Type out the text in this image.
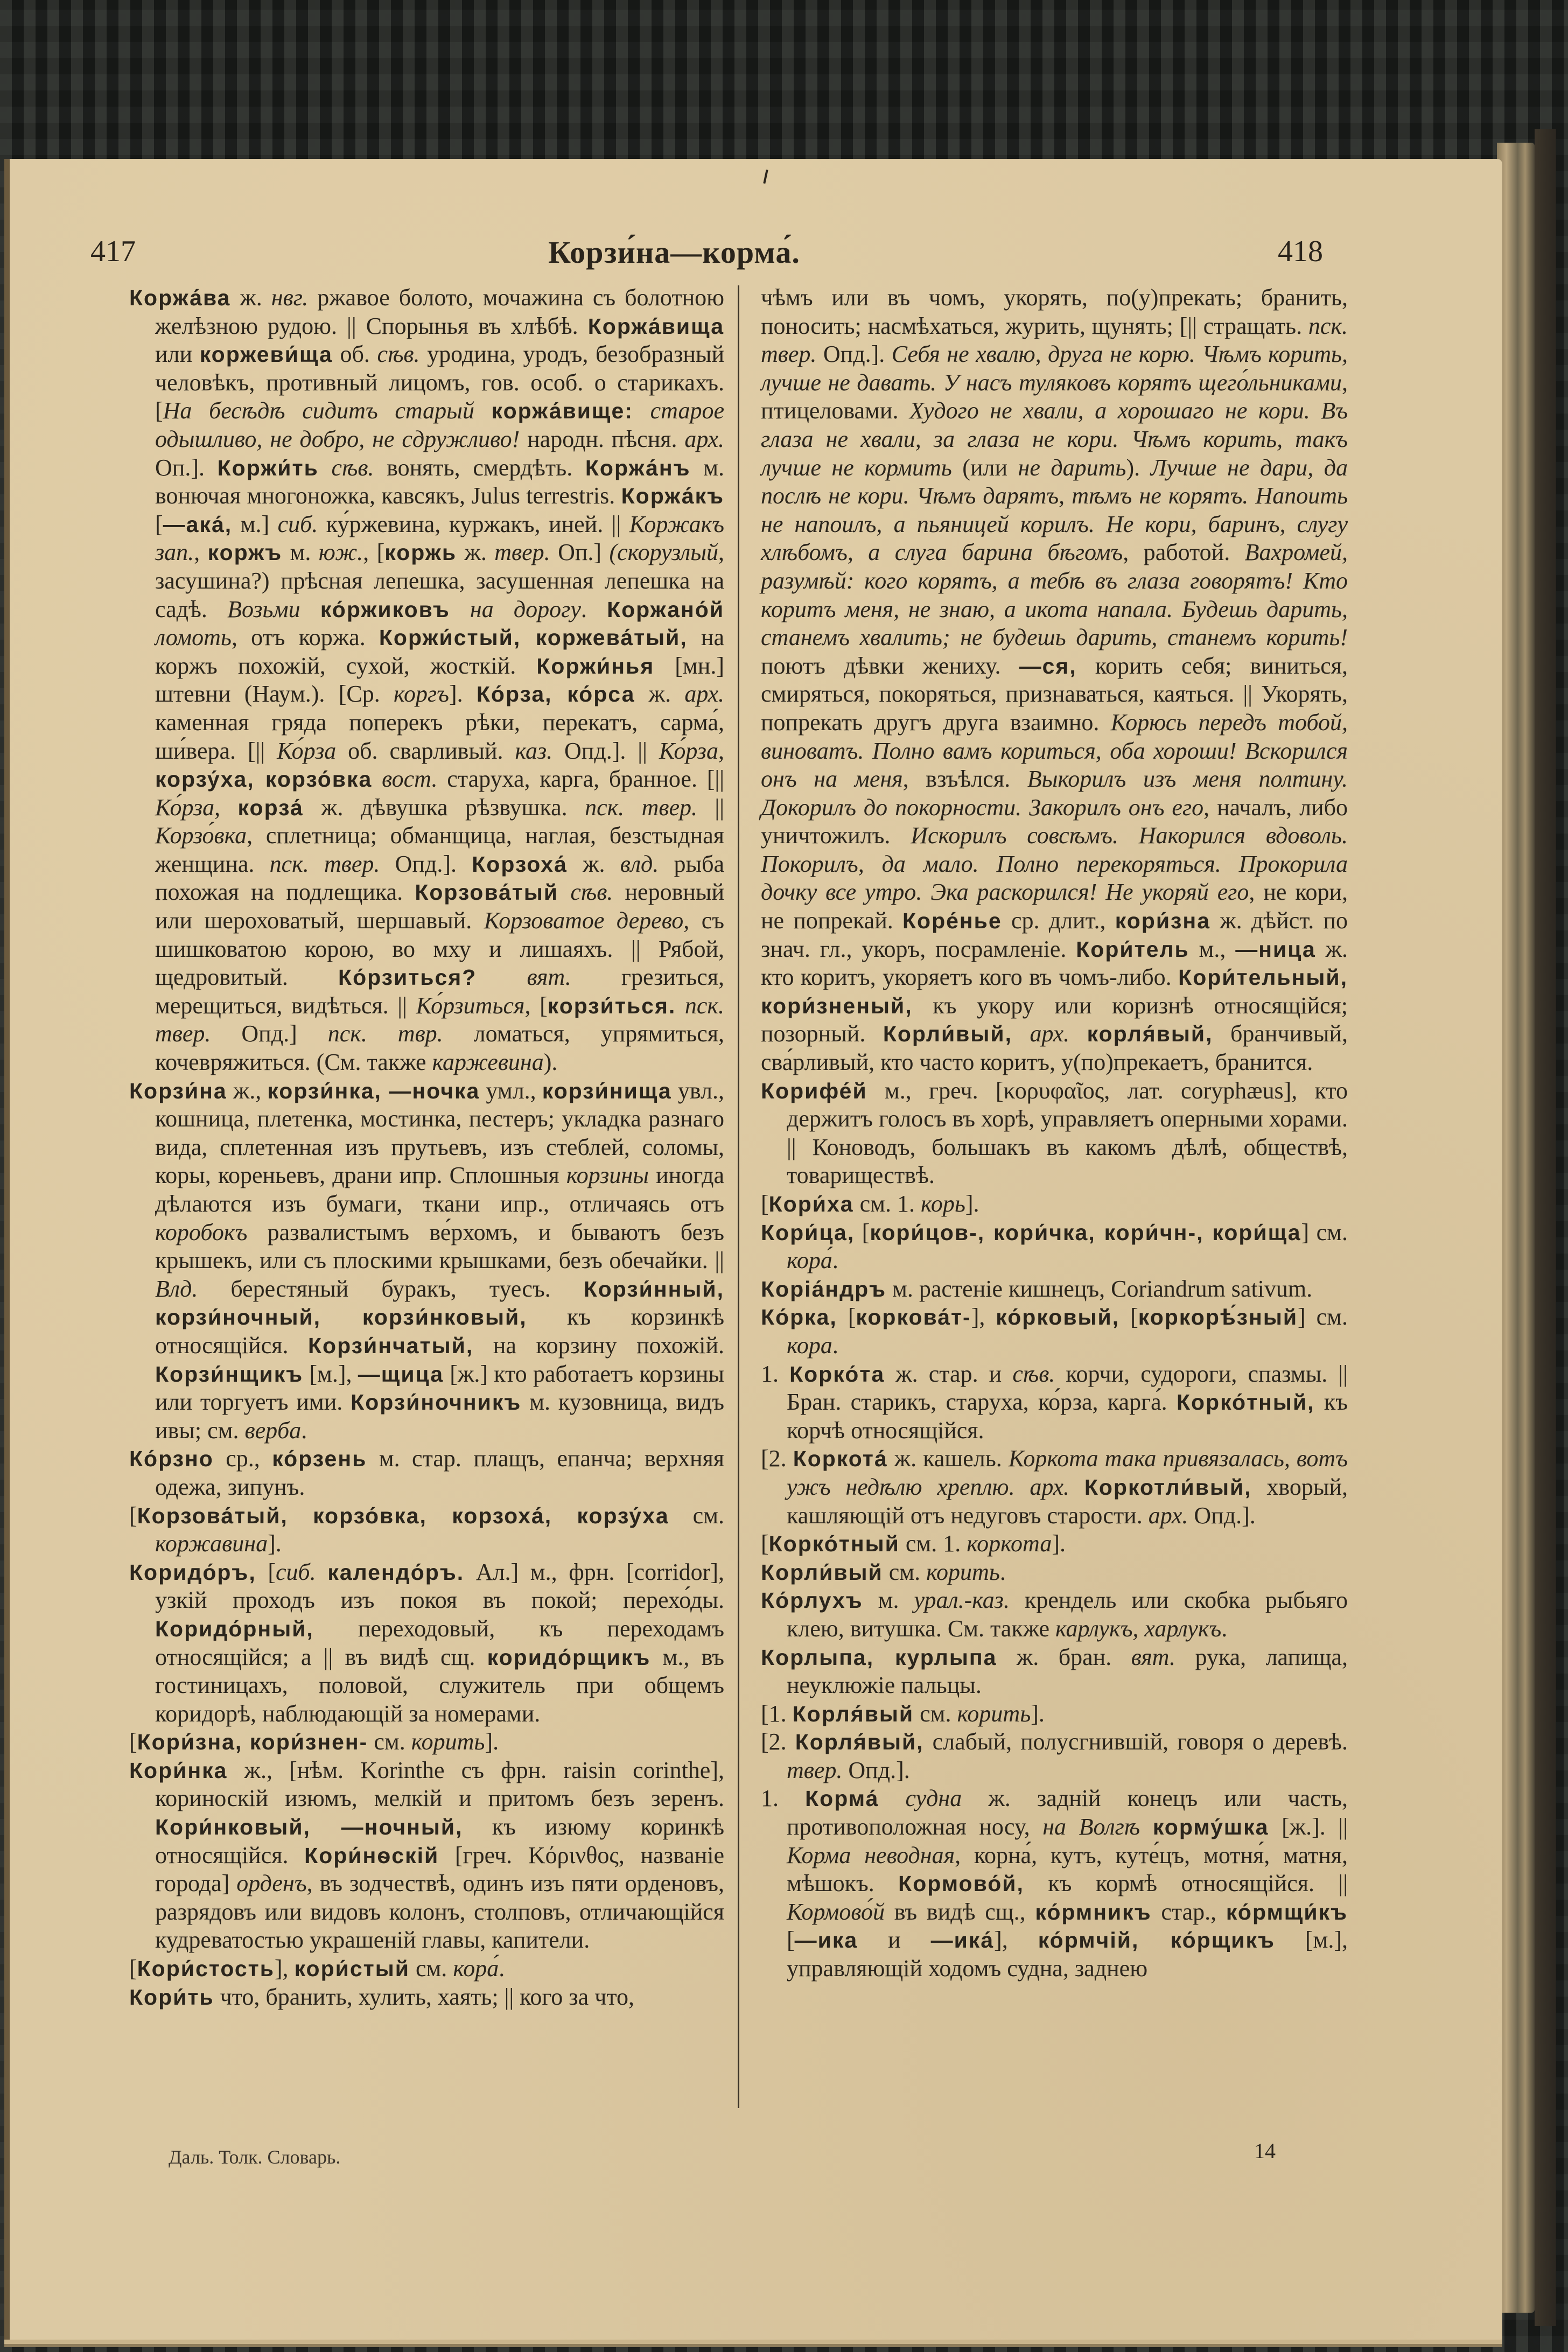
417	Корзи́на—корма́.	418

Коржа́ва ж. нвг. ржавое болото, мочажина съ болотною желѣзною рудою. || Спорынья въ хлѣбѣ. Коржа́вища или коржеви́ща об. сѣв. уродина, уродъ, безобразный человѣкъ, противный лицомъ, гов. особ. о старикахъ. [На бесѣдѣ сидитъ старый коржа́вище: старое одышливо, не добро, не сдружливо! народн. пѣсня. арх. Оп.]. Коржи́ть сѣв. вонять, смердѣть. Коржа́нъ м. вонючая многоножка, кавсякъ, Julus terrestris. Коржа́къ [—ака́, м.] сиб. ку́ржевина, куржакъ, иней. || Коржакъ зап., коржъ м. юж., [коржь ж. твер. Оп.] (скорузлый, засушина?) прѣсная лепешка, засушенная лепешка на садѣ. Возьми ко́ржиковъ на дорогу. Коржано́й ломоть, отъ коржа. Коржи́стый, коржева́тый, на коржъ похожій, сухой, жосткій. Коржи́нья [мн.] штевни (Наум.). [Ср. коргъ]. Ко́рза, ко́рса ж. арх. каменная гряда поперекъ рѣки, перекатъ, сарма́, ши́вера. [|| Ко́рза об. сварливый. каз. Опд.]. || Ко́рза, корзу́ха, корзо́вка вост. старуха, карга, бранное. [|| Ко́рза, корза́ ж. дѣвушка рѣзвушка. пск. твер. || Корзо́вка, сплетница; обманщица, наглая, безстыдная женщина. пск. твер. Опд.]. Корзоха́ ж. влд. рыба похожая на подлещика. Корзова́тый сѣв. неровный или шероховатый, шершавый. Корзоватое дерево, съ шишковатою корою, во мху и лишаяхъ. || Рябой, щедровитый. Ко́рзиться? вят. грезиться, мерещиться, видѣться. || Ко́рзиться, [корзи́ться. пск. твер. Опд.] пск. твр. ломаться, упрямиться, кочевряжиться. (См. также каржевина).

Корзи́на ж., корзи́нка, —ночка умл., корзи́нища увл., кошница, плетенка, мостинка, пестеръ; укладка разнаго вида, сплетенная изъ прутьевъ, изъ стеблей, соломы, коры, кореньевъ, драни ипр. Сплошныя корзины иногда дѣлаются изъ бумаги, ткани ипр., отличаясь отъ коробокъ развалистымъ ве́рхомъ, и бываютъ безъ крышекъ, или съ плоскими крышками, безъ обечайки. || Влд. берестяный буракъ, туесъ. Корзи́нный, корзи́ночный, корзи́нковый, къ корзинкѣ относящійся. Корзи́нчатый, на корзину похожій. Корзи́нщикъ [м.], —щица [ж.] кто работаетъ корзины или торгуетъ ими. Корзи́ночникъ м. кузовница, видъ ивы; см. верба.

Ко́рзно ср., ко́рзень м. стар. плащъ, епанча; верхняя одежа, зипунъ.

[Корзова́тый, корзо́вка, корзоха́, корзу́ха см. коржавина].

Коридо́ръ, [сиб. календо́ръ. Ал.] м., фрн. [corridor], узкій проходъ изъ покоя въ покой; перехо́ды. Коридо́рный, переходовый, къ переходамъ относящійся; а || въ видѣ сщ. коридо́рщикъ м., въ гостиницахъ, половой, служитель при общемъ коридорѣ, наблюдающій за номерами.

[Кори́зна, кори́знен- см. корить].

Кори́нка ж., [нѣм. Korinthe съ фрн. raisin corinthe], кориноскій изюмъ, мелкій и притомъ безъ зеренъ. Кори́нковый, —ночный, къ изюму коринкѣ относящійся. Кори́нѳскій [греч. Κόρινθος, названіе города] орденъ, въ зодчествѣ, одинъ изъ пяти орденовъ, разрядовъ или видовъ колонъ, столповъ, отличающійся кудреватостью украшеній главы, капители.

[Кори́стость], кори́стый см. кора́.

Кори́ть что, бранить, хулить, хаять; || кого за что,

чѣмъ или въ чомъ, укорять, по(у)прекать; бранить, поносить; насмѣхаться, журить, щунять; [|| стращать. пск. твер. Опд.]. Себя не хвалю, друга не корю. Чѣмъ корить, лучше не давать. У насъ туляковъ корятъ щего́льниками, птицеловами. Худого не хвали, а хорошаго не кори. Въ глаза не хвали, за глаза не кори. Чѣмъ корить, такъ лучше не кормить (или не дарить). Лучше не дари, да послѣ не кори. Чѣмъ дарятъ, тѣмъ не корятъ. Напоить не напоилъ, а пьяницей корилъ. Не кори, баринъ, слугу хлѣбомъ, а слуга барина бѣгомъ, работой. Вахромей, разумѣй: кого корятъ, а тебѣ въ глаза говорятъ! Кто коритъ меня, не знаю, а икота напала. Будешь дарить, станемъ хвалить; не будешь дарить, станемъ корить! поютъ дѣвки жениху. —ся, корить себя; виниться, смиряться, покоряться, признаваться, каяться. || Укорять, попрекать другъ друга взаимно. Корюсь передъ тобой, виноватъ. Полно вамъ кориться, оба хороши! Вскорился онъ на меня, взъѣлся. Выкорилъ изъ меня полтину. Докорилъ до покорности. Закорилъ онъ его, началъ, либо уничтожилъ. Искорилъ совсѣмъ. Накорился вдоволь. Покорилъ, да мало. Полно перекоряться. Прокорила дочку все утро. Эка раскорился! Не укоряй его, не кори, не попрекай. Коре́нье ср. длит., кори́зна ж. дѣйст. по знач. гл., укоръ, посрамленіе. Кори́тель м., —ница ж. кто коритъ, укоряетъ кого въ чомъ-либо. Кори́тельный, кори́зненый, къ укору или коризнѣ относящійся; позорный. Корли́вый, арх. корля́вый, бранчивый, сва́рливый, кто часто коритъ, у(по)прекаетъ, бранится.

Корифе́й м., греч. [κορυφαῖος, лат. coryphæus], кто держитъ голосъ въ хорѣ, управляетъ оперными хорами. || Коноводъ, большакъ въ какомъ дѣлѣ, обществѣ, товариществѣ.

[Кори́ха см. 1. корь].

Кори́ца, [кори́цов-, кори́чка, кори́чн-, кори́ща] см. кора́.

Коріа́ндръ м. растеніе кишнецъ, Coriandrum sativum.

Ко́рка, [коркова́т-], ко́рковый, [коркорѣ́зный] см. кора.

1. Корко́та ж. стар. и сѣв. корчи, судороги, спазмы. || Бран. старикъ, старуха, ко́рза, карга́. Корко́тный, къ корчѣ относящійся.

[2. Коркота́ ж. кашель. Коркота така привязалась, вотъ ужъ недѣлю хреплю. арх. Коркотли́вый, хворый, кашляющій отъ недуговъ старости. арх. Опд.].

[Корко́тный см. 1. коркота].

Корли́вый см. корить.

Ко́рлухъ м. урал.-каз. крендель или скобка рыбьяго клею, витушка. См. также карлукъ, харлукъ.

Корлыпа, курлыпа ж. бран. вят. рука, лапища, неуклюжіе пальцы.

[1. Корля́вый см. корить].

[2. Корля́вый, слабый, полусгнившій, говоря о деревѣ. твер. Опд.].

1. Корма́ судна ж. задній конецъ или часть, противоположная носу, на Волгѣ корму́шка [ж.]. || Корма неводная, корна́, кутъ, куте́цъ, мотня́, матня, мѣшокъ. Кормово́й, къ кормѣ относящійся. || Кормово́й въ видѣ сщ., ко́рмникъ стар., ко́рмщи́къ [—ика и —ика́], ко́рмчій, ко́рщикъ [м.], управляющій ходомъ судна, заднею

Даль. Толк. Словарь.	14
